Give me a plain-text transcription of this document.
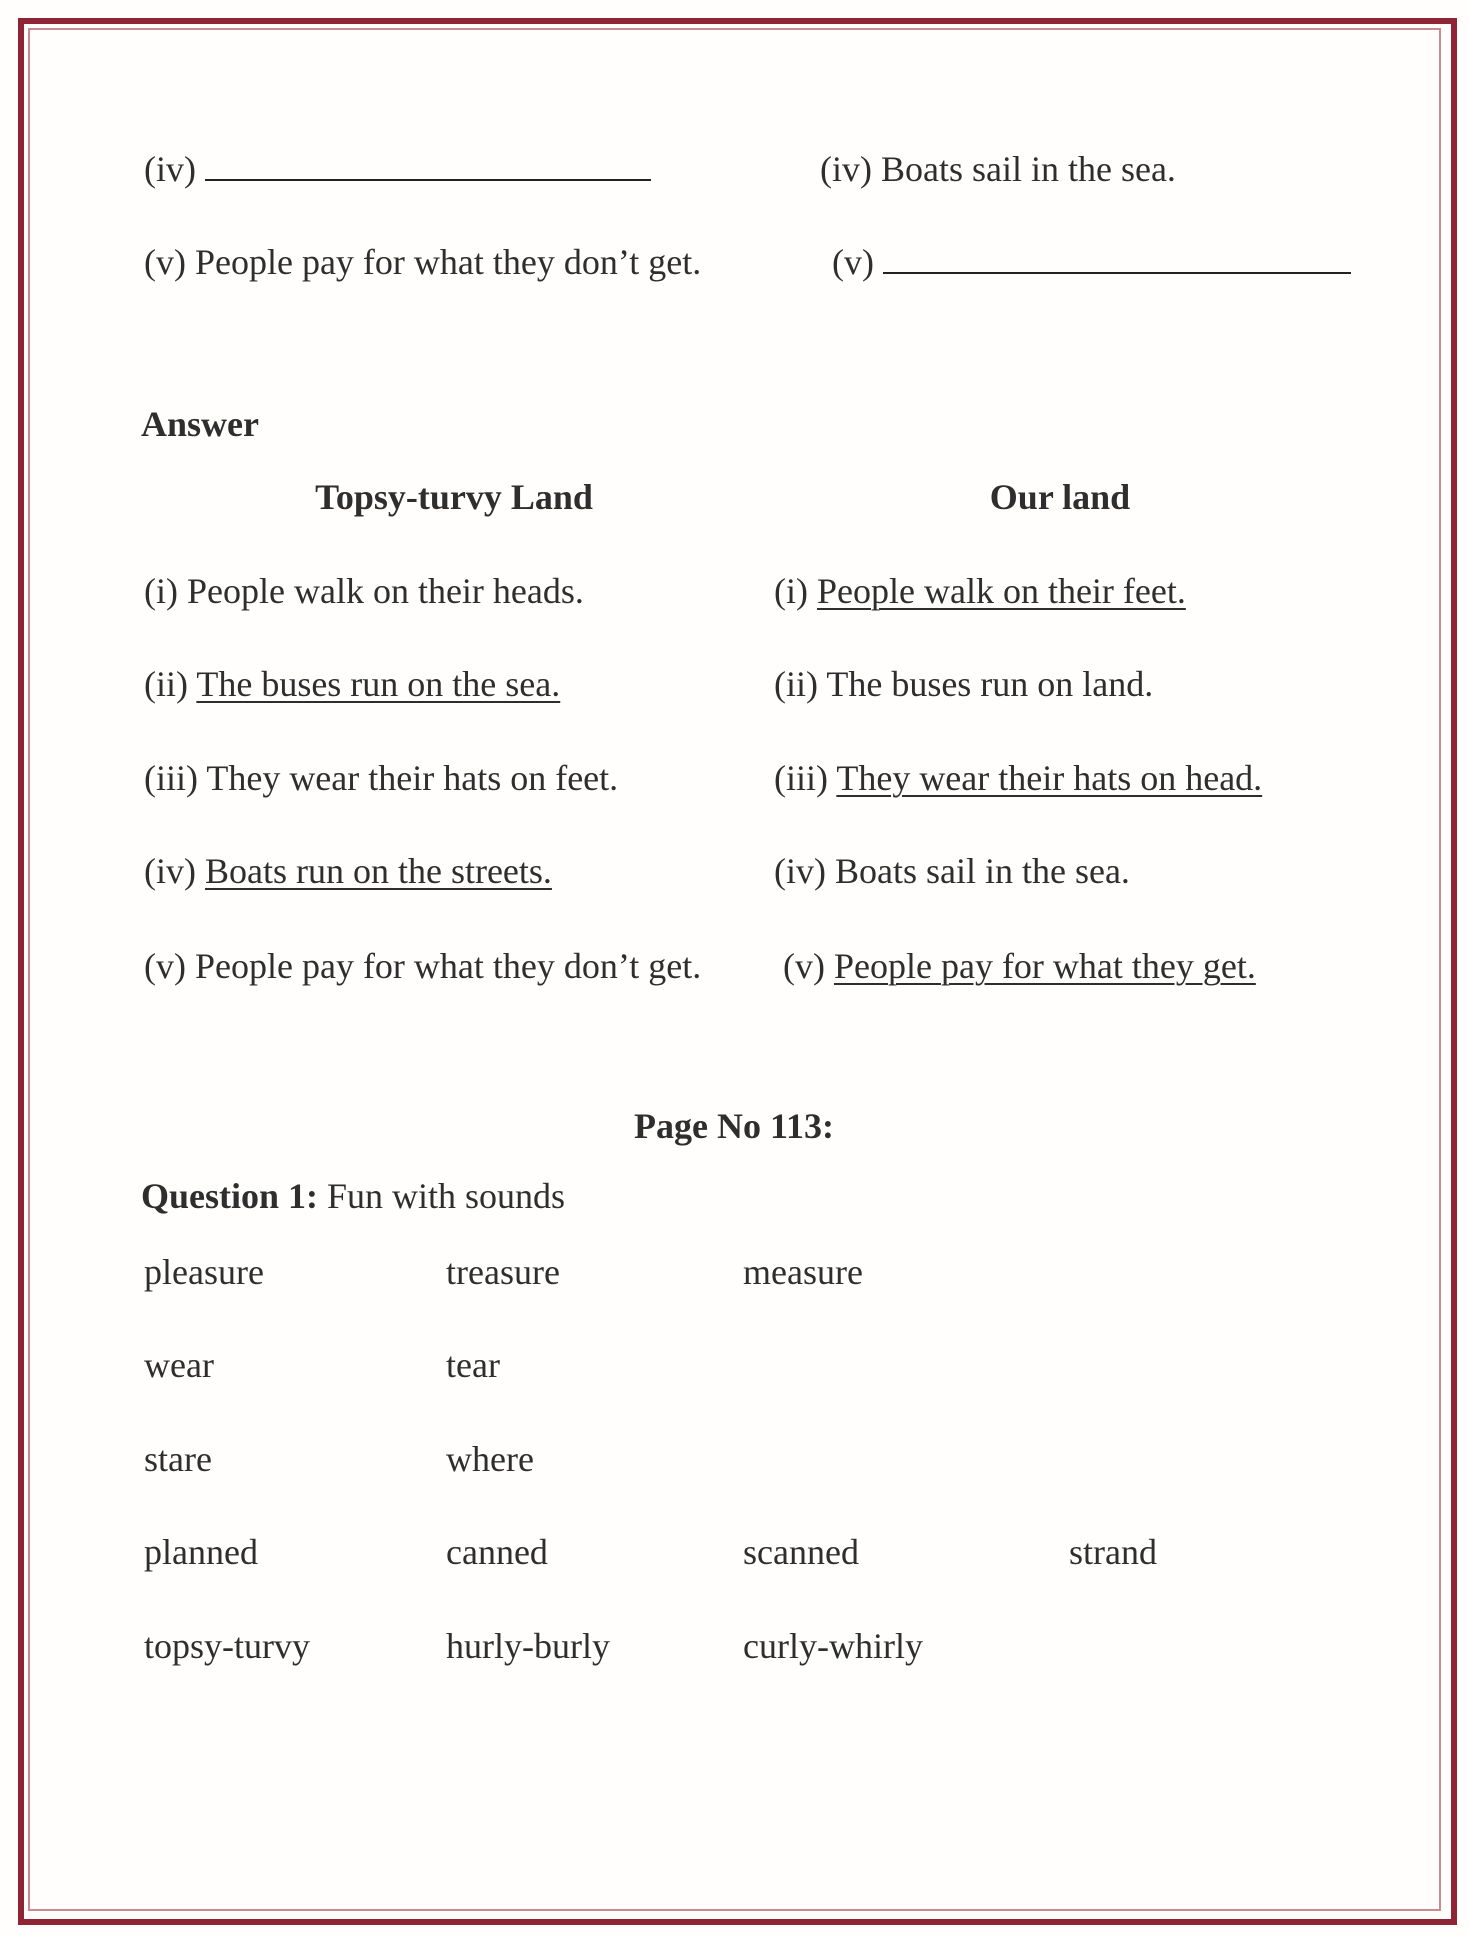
(iv)	(iv) Boats sail in the sea.
(v) People pay for what they don’t get.	(v)
Answer
Topsy-turvy Land	Our land
(i) People walk on their heads.	(i) People walk on their feet.
(ii) The buses run on the sea.	(ii) The buses run on land.
(iii) They wear their hats on feet.	(iii) They wear their hats on head.
(iv) Boats run on the streets.	(iv) Boats sail in the sea.
(v) People pay for what they don’t get. (v) People pay for what they get.
Page No 113:
Question 1: Fun with sounds
pleasure	treasure	measure
wear	tear
stare	where
planned	canned	scanned	strand
topsy-turvy	hurly-burly	curly-whirly
